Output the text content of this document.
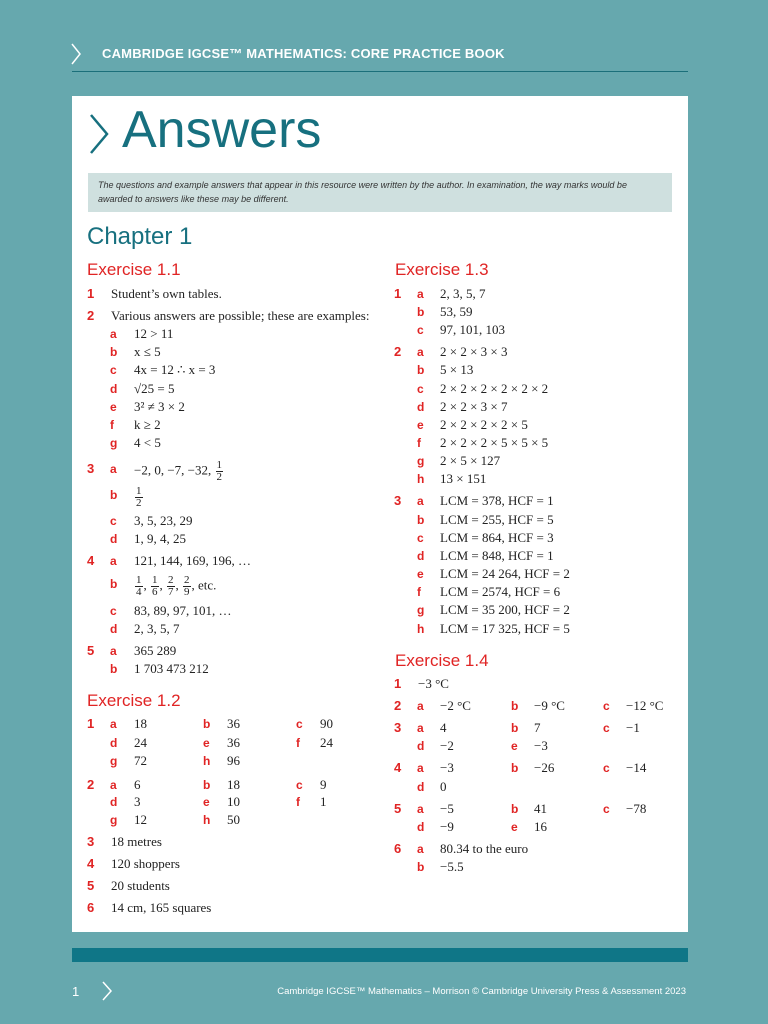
CAMBRIDGE IGCSE™ MATHEMATICS: CORE PRACTICE BOOK
Answers
The questions and example answers that appear in this resource were written by the author. In examination, the way marks would be awarded to answers like these may be different.
Chapter 1
Exercise 1.1
1 Student’s own tables.
2 Various answers are possible; these are examples:
a 12 > 11
b x ≤ 5
c 4x = 12 ∴ x = 3
d √25 = 5
e 3² ≠ 3 × 2
f k ≥ 2
g 4 < 5
3 a −2, 0, −7, −32, $\frac{1}{2}$
b $\frac{1}{2}$
c 3, 5, 23, 29
d 1, 9, 4, 25
4 a 121, 144, 169, 196, …
b $\frac{1}{4}$ , $\frac{1}{6}$ , $\frac{2}{7}$ , $\frac{2}{9}$ , etc.
c 83, 89, 97, 101, …
d 2, 3, 5, 7
5 a 365 289
b 1 703 473 212
Exercise 1.2
1 a 18	b 36	c 90
d 24	e 36	f 24
g 72	h 96
2 a 6	b 18	c 9
d 3	e 10	f 1
g 12	h 50
3 18 metres
4 120 shoppers
5 20 students
6 14 cm, 165 squares
Exercise 1.3
1 a 2, 3, 5, 7
b 53, 59
c 97, 101, 103
2 a 2 × 2 × 3 × 3
b 5 × 13
c 2 × 2 × 2 × 2 × 2 × 2
d 2 × 2 × 3 × 7
e 2 × 2 × 2 × 2 × 5
f 2 × 2 × 2 × 5 × 5 × 5
g 2 × 5 × 127
h 13 × 151
3 a LCM = 378, HCF = 1
b LCM = 255, HCF = 5
c LCM = 864, HCF = 3
d LCM = 848, HCF = 1
e LCM = 24 264, HCF = 2
f LCM = 2574, HCF = 6
g LCM = 35 200, HCF = 2
h LCM = 17 325, HCF = 5
Exercise 1.4
1 −3 °C
2 a −2 °C	b −9 °C	c −12 °C
3 a 4	b 7	c −1
d −2	e −3
4 a −3	b −26	c −14
d 0
5 a −5	b 41	c −78
d −9	e 16
6 a 80.34 to the euro
b −5.5
1	Cambridge IGCSE™ Mathematics – Morrison © Cambridge University Press & Assessment 2023
